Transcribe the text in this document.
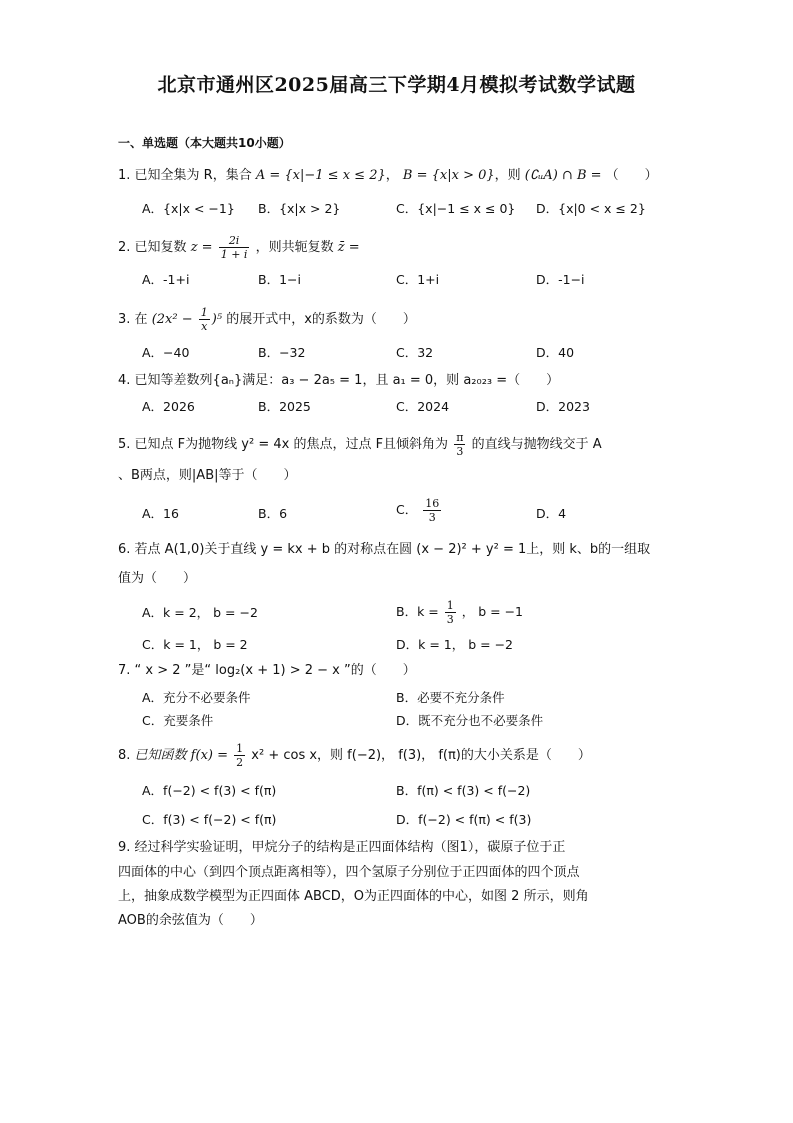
北京市通州区2025届高三下学期4月模拟考试数学试题
一、单选题（本大题共10小题）
1. 已知全集为 R，集合 A = {x|−1 ≤ x ≤ 2}， B = {x|x > 0}，则 (∁ᵤA) ∩ B = （　　）
A．{x|x < −1} B．{x|x > 2}	C．{x|−1 ≤ x ≤ 0} D．{x|0 < x ≤ 2}
2. 已知复数 $z = \frac{2i}{1 + i}$ ，则共轭复数 z̄ =
A．-1+i	B．1−i	C．1+i	D．-1−i
3. 在 $(2x^2 - \frac{1}{x} )^5$ 的展开式中，x的系数为（　　）
A．−40	B．−32	C．32	D．40
4. 已知等差数列{aₙ}满足：a₃ − 2a₅ = 1，且 a₁ = 0，则 a₂₀₂₃ =（　　）
A．2026	B．2025	C．2024	D．2023
5. 已知点 F为抛物线 y² = 4x 的焦点，过点 F且倾斜角为 $\frac{\pi}{3}$ 的直线与抛物线交于 A
、B两点，则|AB|等于（　　）
A．16	B．6	C． $\frac{16}{3}$	D．4
6. 若点 A(1,0)关于直线 y = kx + b 的对称点在圆 (x − 2)² + y² = 1上，则 k、b的一组取
值为（　　）
A．k = 2， b = −2	B．$k = \frac{1}{3}$ ， b = −1
C．k = 1， b = 2	D．k = 1， b = −2
7. “ x > 2 ”是“ log₂(x + 1) > 2 − x ”的（　　）
A．充分不必要条件	B．必要不充分条件
C．充要条件	D．既不充分也不必要条件
8. 已知函数 $f(x) = \frac{1}{2} x^2 + \cos x$，则 f(−2)， f(3)， f(π)的大小关系是（　　）
A．f(−2) < f(3) < f(π)	B．f(π) < f(3) < f(−2)
C．f(3) < f(−2) < f(π)	D．f(−2) < f(π) < f(3)
9. 经过科学实验证明，甲烷分子的结构是正四面体结构（图1），碳原子位于正
四面体的中心（到四个顶点距离相等），四个氢原子分别位于正四面体的四个顶点
上，抽象成数学模型为正四面体 ABCD，O为正四面体的中心，如图 2 所示，则角
AOB的余弦值为（　　）
